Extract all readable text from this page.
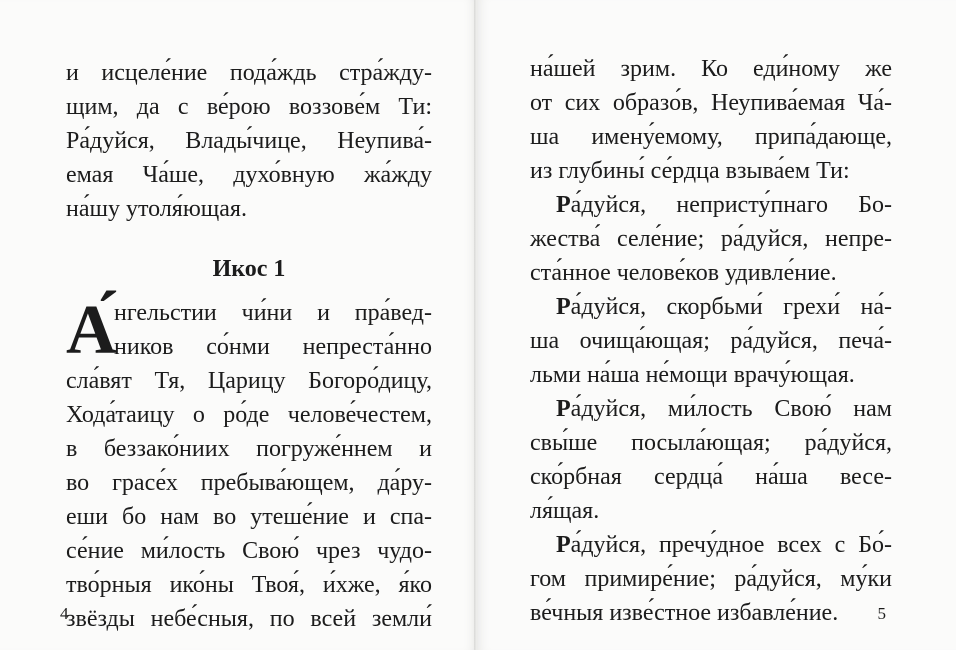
и исцеле́ние пода́ждь стра́жду-
щим, да с ве́рою воззове́м Ти:
Ра́дуйся, Влады́чице, Неупива́-
емая Ча́ше, духо́вную жа́жду
на́шу утоля́ющая.
Икос 1
А́
нгельстии чи́ни и пра́вед-
ников со́нми непреста́нно
сла́вят Тя, Царицу Богоро́дицу,
Хода́таицу о ро́де челове́честем,
в беззако́ниих погруже́ннем и
во грасе́х пребыва́ющем, да́ру-
еши бо нам во утеше́ние и спа-
се́ние ми́лость Свою́ чрез чудо-
тво́рныя ико́ны Твоя́, и́хже, я́ко
звёзды небе́сныя, по всей земли́
4
на́шей зрим. Ко еди́ному же
от сих образо́в, Неупива́емая Ча́-
ша имену́емому, припа́дающе,
из глубины́ се́рдца взыва́ем Ти:
Ра́дуйся, непристу́пнаго Бо-
жества́ селе́ние; ра́дуйся, непре-
ста́нное челове́ков удивле́ние.
Ра́дуйся, скорбьми́ грехи́ на́-
ша очища́ющая; ра́дуйся, печа́-
льми на́ша не́мощи врачу́ющая.
Ра́дуйся, ми́лость Свою́ нам
свы́ше посыла́ющая; ра́дуйся,
ско́рбная сердца́ на́ша весе-
ля́щая.
Ра́дуйся, пречу́дное всех с Бо́-
гом примире́ние; ра́дуйся, му́ки
ве́чныя изве́стное избавле́ние.	5
